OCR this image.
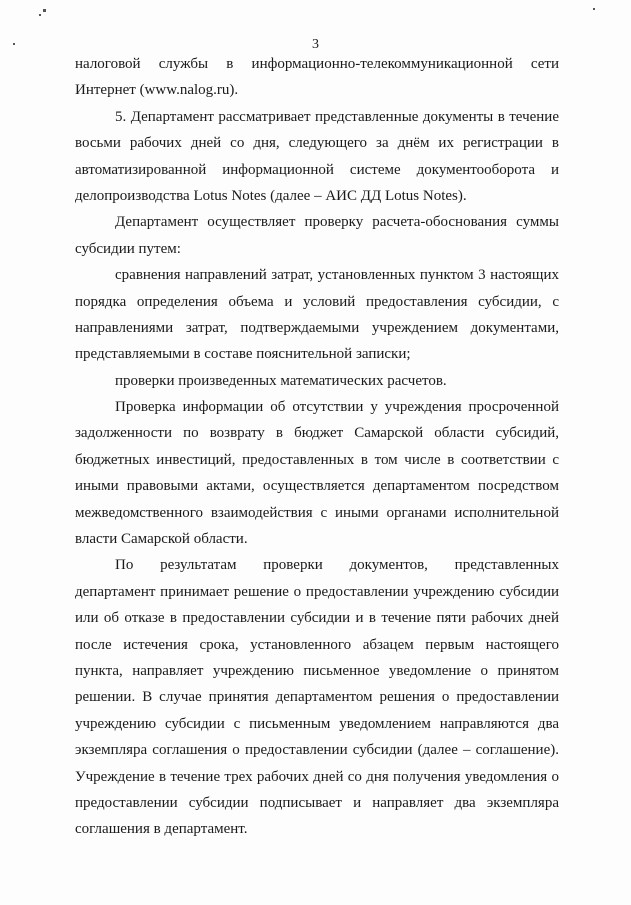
3
налоговой службы в информационно-телекоммуникационной сети
Интернет (www.nalog.ru).
5. Департамент рассматривает представленные документы в течение
восьми рабочих дней со дня, следующего за днём их регистрации в
автоматизированной информационной системе документооборота и
делопроизводства Lotus Notes (далее – АИС ДД Lotus Notes).
Департамент осуществляет проверку расчета-обоснования суммы
субсидии путем:
сравнения направлений затрат, установленных пунктом 3 настоящих
порядка определения объема и условий предоставления субсидии, с
направлениями затрат, подтверждаемыми учреждением документами,
представляемыми в составе пояснительной записки;
проверки произведенных математических расчетов.
Проверка информации об отсутствии у учреждения просроченной
задолженности по возврату в бюджет Самарской области субсидий,
бюджетных инвестиций, предоставленных в том числе в соответствии с
иными правовыми актами, осуществляется департаментом посредством
межведомственного взаимодействия с иными органами исполнительной
власти Самарской области.
По результатам проверки документов, представленных
департамент принимает решение о предоставлении учреждению субсидии
или об отказе в предоставлении субсидии и в течение пяти рабочих дней
после истечения срока, установленного абзацем первым настоящего
пункта, направляет учреждению письменное уведомление о принятом
решении. В случае принятия департаментом решения о предоставлении
учреждению субсидии с письменным уведомлением направляются два
экземпляра соглашения о предоставлении субсидии (далее – соглашение).
Учреждение в течение трех рабочих дней со дня получения уведомления о
предоставлении субсидии подписывает и направляет два экземпляра
соглашения в департамент.
